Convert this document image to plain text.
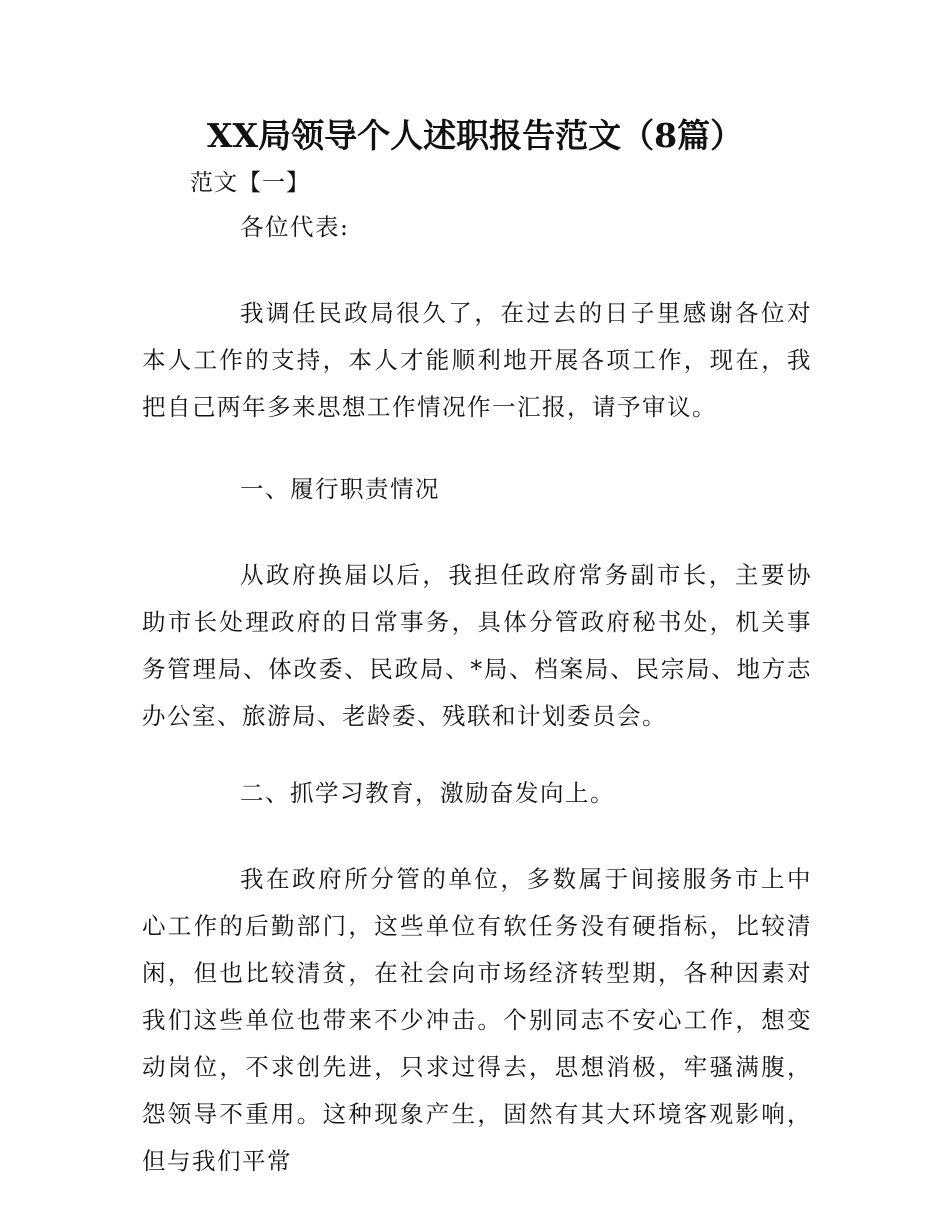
XX局领导个人述职报告范文（8篇）
范文【一】

各位代表:

我调任民政局很久了，在过去的日子里感谢各位对本人工作的支持，本人才能顺利地开展各项工作，现在，我把自己两年多来思想工作情况作一汇报，请予审议。

一、履行职责情况

从政府换届以后，我担任政府常务副市长，主要协助市长处理政府的日常事务，具体分管政府秘书处，机关事务管理局、体改委、民政局、*局、档案局、民宗局、地方志办公室、旅游局、老龄委、残联和计划委员会。

二、抓学习教育，激励奋发向上。

我在政府所分管的单位，多数属于间接服务市上中心工作的后勤部门，这些单位有软任务没有硬指标，比较清闲，但也比较清贫，在社会向市场经济转型期，各种因素对我们这些单位也带来不少冲击。个别同志不安心工作，想变动岗位，不求创先进，只求过得去，思想消极，牢骚满腹，怨领导不重用。这种现象产生，固然有其大环境客观影响，但与我们平常
